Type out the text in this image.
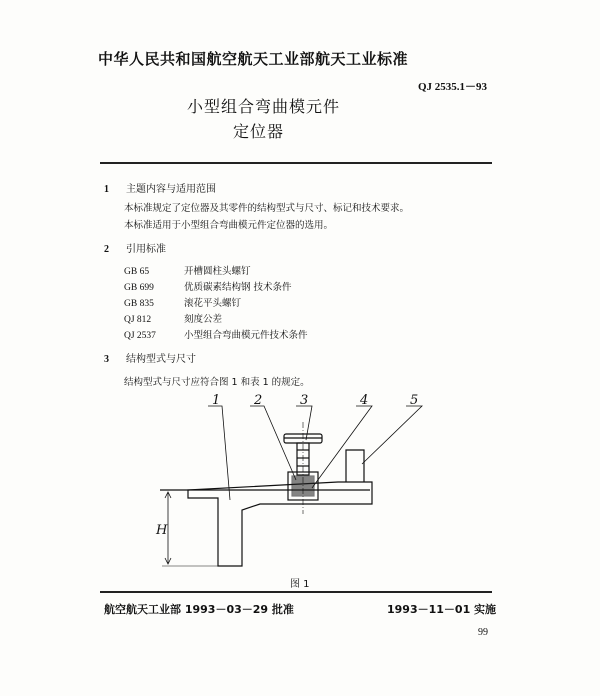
中华人民共和国航空航天工业部航天工业标准
QJ 2535.1－93
小型组合弯曲模元件
定位器
1 主题内容与适用范围
本标准规定了定位器及其零件的结构型式与尺寸、标记和技术要求。
本标准适用于小型组合弯曲模元件定位器的选用。
2 引用标准
GB 65	开槽圆柱头螺钉
GB 699	优质碳素结构钢 技术条件
GB 835	滚花平头螺钉
QJ 812	刻度公差
QJ 2537	小型组合弯曲模元件技术条件
3 结构型式与尺寸
结构型式与尺寸应符合图 1 和表 1 的规定。
1	2	3	4	5
H
图 1
航空航天工业部 1993－03－29 批准	1993－11－01 实施
99
